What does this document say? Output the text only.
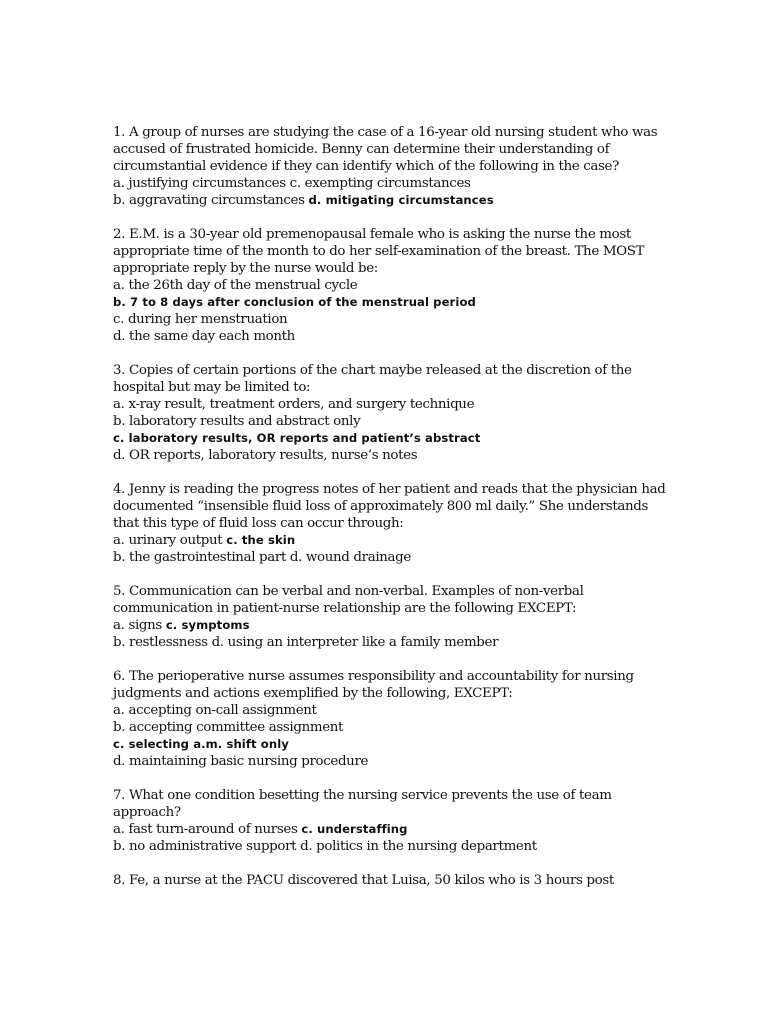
1. A group of nurses are studying the case of a 16-year old nursing student who was
accused of frustrated homicide. Benny can determine their understanding of
circumstantial evidence if they can identify which of the following in the case?
a. justifying circumstances c. exempting circumstances
b. aggravating circumstances d. mitigating circumstances
2. E.M. is a 30-year old premenopausal female who is asking the nurse the most
appropriate time of the month to do her self-examination of the breast. The MOST
appropriate reply by the nurse would be:
a. the 26th day of the menstrual cycle
b. 7 to 8 days after conclusion of the menstrual period
c. during her menstruation
d. the same day each month
3. Copies of certain portions of the chart maybe released at the discretion of the
hospital but may be limited to:
a. x-ray result, treatment orders, and surgery technique
b. laboratory results and abstract only
c. laboratory results, OR reports and patient’s abstract
d. OR reports, laboratory results, nurse’s notes
4. Jenny is reading the progress notes of her patient and reads that the physician had
documented “insensible fluid loss of approximately 800 ml daily.” She understands
that this type of fluid loss can occur through:
a. urinary output c. the skin
b. the gastrointestinal part d. wound drainage
5. Communication can be verbal and non-verbal. Examples of non-verbal
communication in patient-nurse relationship are the following EXCEPT:
a. signs c. symptoms
b. restlessness d. using an interpreter like a family member
6. The perioperative nurse assumes responsibility and accountability for nursing
judgments and actions exemplified by the following, EXCEPT:
a. accepting on-call assignment
b. accepting committee assignment
c. selecting a.m. shift only
d. maintaining basic nursing procedure
7. What one condition besetting the nursing service prevents the use of team
approach?
a. fast turn-around of nurses c. understaffing
b. no administrative support d. politics in the nursing department
8. Fe, a nurse at the PACU discovered that Luisa, 50 kilos who is 3 hours post
